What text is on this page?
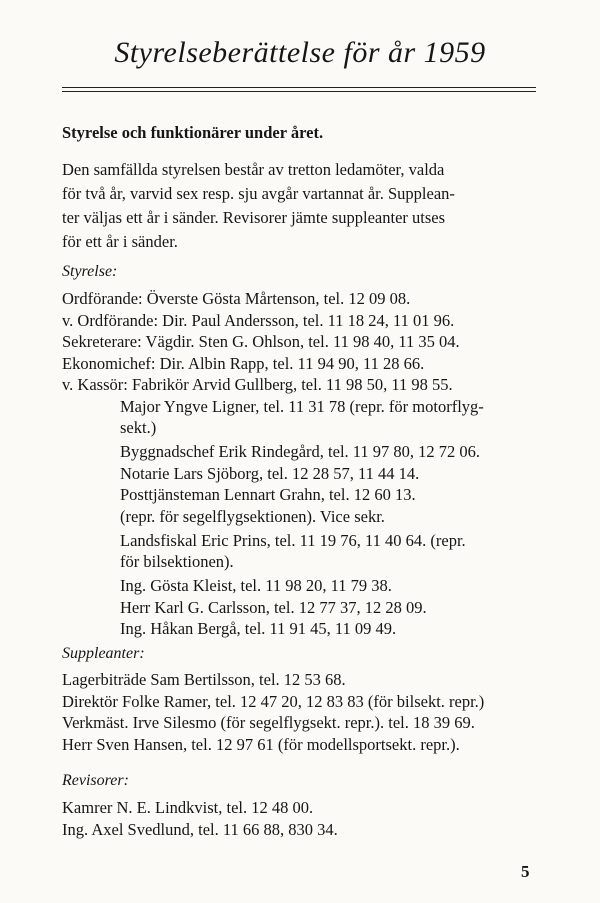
Styrelseberättelse för år 1959
Styrelse och funktionärer under året.
Den samfällda styrelsen består av tretton ledamöter, valda
för två år, varvid sex resp. sju avgår vartannat år. Supplean-
ter väljas ett år i sänder. Revisorer jämte suppleanter utses
för ett år i sänder.
Styrelse:
Ordförande: Överste Gösta Mårtenson, tel. 12 09 08.
v. Ordförande: Dir. Paul Andersson, tel. 11 18 24, 11 01 96.
Sekreterare: Vägdir. Sten G. Ohlson, tel. 11 98 40, 11 35 04.
Ekonomichef: Dir. Albin Rapp, tel. 11 94 90, 11 28 66.
v. Kassör: Fabrikör Arvid Gullberg, tel. 11 98 50, 11 98 55.
Major Yngve Ligner, tel. 11 31 78 (repr. för motorflyg-
sekt.)
Byggnadschef Erik Rindegård, tel. 11 97 80, 12 72 06.
Notarie Lars Sjöborg, tel. 12 28 57, 11 44 14.
Posttjänsteman Lennart Grahn, tel. 12 60 13.
(repr. för segelflygsektionen). Vice sekr.
Landsfiskal Eric Prins, tel. 11 19 76, 11 40 64. (repr.
för bilsektionen).
Ing. Gösta Kleist, tel. 11 98 20, 11 79 38.
Herr Karl G. Carlsson, tel. 12 77 37, 12 28 09.
Ing. Håkan Bergå, tel. 11 91 45, 11 09 49.
Suppleanter:
Lagerbiträde Sam Bertilsson, tel. 12 53 68.
Direktör Folke Ramer, tel. 12 47 20, 12 83 83 (för bilsekt. repr.)
Verkmäst. Irve Silesmo (för segelflygsekt. repr.). tel. 18 39 69.
Herr Sven Hansen, tel. 12 97 61 (för modellsportsekt. repr.).
Revisorer:
Kamrer N. E. Lindkvist, tel. 12 48 00.
Ing. Axel Svedlund, tel. 11 66 88, 830 34.
5
